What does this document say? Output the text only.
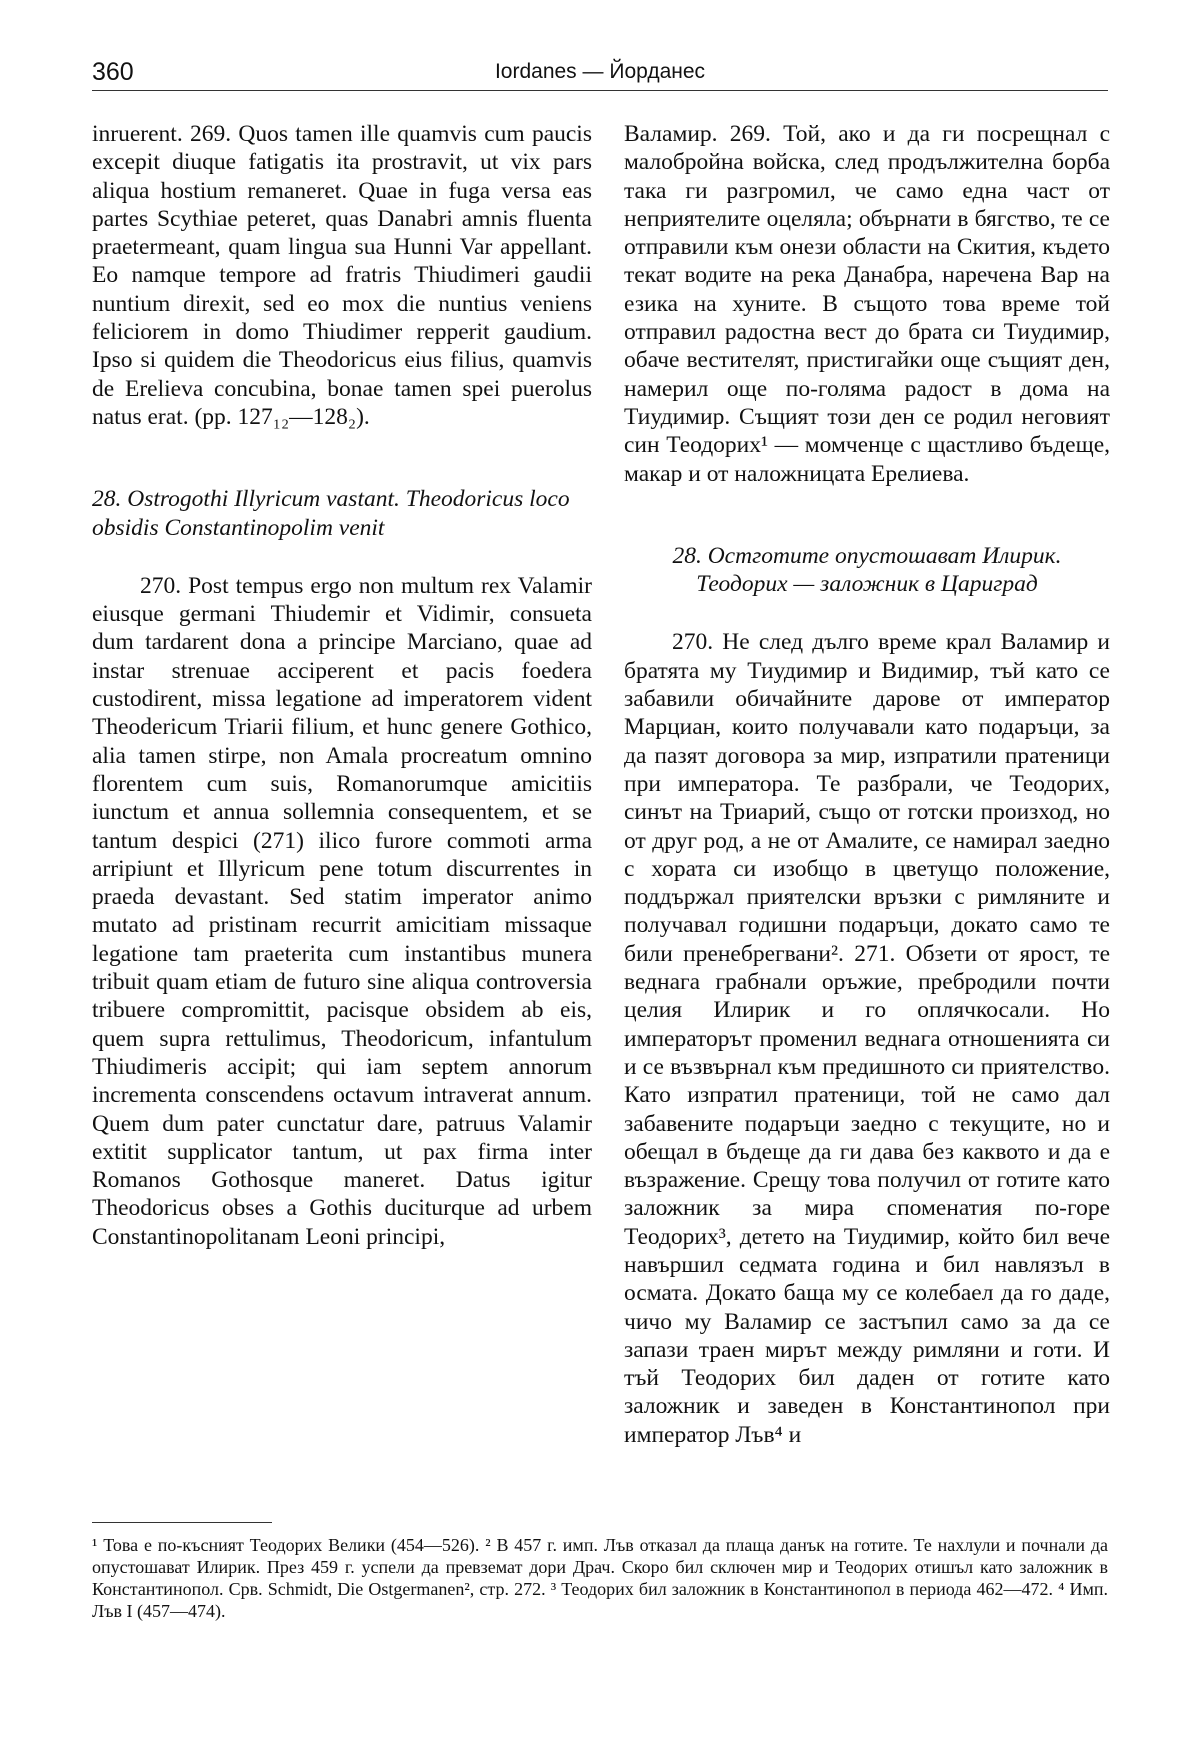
360	Iordanes — Йорданес

inruerent. 269. Quos tamen ille quamvis cum paucis excepit diuque fatigatis ita prostravit, ut vix pars aliqua hostium remaneret. Quae in fuga versa eas partes Scythiae peteret, quas Danabri amnis fluenta praetermeant, quam lingua sua Hunni Var appellant. Eo namque tempore ad fratris Thiudimeri gaudii nuntium direxit, sed eo mox die nuntius veniens feliciorem in domo Thiudimer repperit gaudium. Ipso si quidem die Theodoricus eius filius, quamvis de Erelieva concubina, bonae tamen spei puerolus natus erat. (pp. 127₁₂—128₂).

28. Ostrogothi Illyricum vastant. Theodoricus loco obsidis Constantinopolim venit

270. Post tempus ergo non multum rex Valamir eiusque germani Thiudemir et Vidimir, consueta dum tardarent dona a principe Marciano, quae ad instar strenuae acciperent et pacis foedera custodirent, missa legatione ad imperatorem vident Theodericum Triarii filium, et hunc genere Gothico, alia tamen stirpe, non Amala procreatum omnino florentem cum suis, Romanorumque amicitiis iunctum et annua sollemnia consequentem, et se tantum despici (271) ilico furore commoti arma arripiunt et Illyricum pene totum discurrentes in praeda devastant. Sed statim imperator animo mutato ad pristinam recurrit amicitiam missaque legatione tam praeterita cum instantibus munera tribuit quam etiam de futuro sine aliqua controversia tribuere compromittit, pacisque obsidem ab eis, quem supra rettulimus, Theodoricum, infantulum Thiudimeris accipit; qui iam septem annorum incrementa conscendens octavum intraverat annum. Quem dum pater cunctatur dare, patruus Valamir extitit supplicator tantum, ut pax firma inter Romanos Gothosque maneret. Datus igitur Theodoricus obses a Gothis duciturque ad urbem Constantinopolitanam Leoni principi,

Валамир. 269. Той, ако и да ги посрещнал с малобройна войска, след продължителна борба така ги разгромил, че само една част от неприятелите оцеляла; обърнати в бягство, те се отправили към онези области на Скития, където текат водите на река Данабра, наречена Вар на езика на хуните. В същото това време той отправил радостна вест до брата си Тиудимир, обаче вестителят, пристигайки още същият ден, намерил още по-голяма радост в дома на Тиудимир. Същият този ден се родил неговият син Теодорих¹ — момченце с щастливо бъдеще, макар и от наложницата Ерелиева.

28. Остготите опустошават Илирик. Теодорих — заложник в Цариград

270. Не след дълго време крал Валамир и братята му Тиудимир и Видимир, тъй като се забавили обичайните дарове от император Марциан, които получавали като подаръци, за да пазят договора за мир, изпратили пратеници при императора. Те разбрали, че Теодорих, синът на Триарий, също от готски произход, но от друг род, а не от Амалите, се намирал заедно с хората си изобщо в цветущо положение, поддържал приятелски връзки с римляните и получавал годишни подаръци, докато само те били пренебрегвани². 271. Обзети от ярост, те веднага грабнали оръжие, пребродили почти целия Илирик и го оплячкосали. Но императорът променил веднага отношенията си и се възвърнал към предишното си приятелство. Като изпратил пратеници, той не само дал забавените подаръци заедно с текущите, но и обещал в бъдеще да ги дава без каквото и да е възражение. Срещу това получил от готите като заложник за мира споменатия по-горе Теодорих³, детето на Тиудимир, който бил вече навършил седмата година и бил навлязъл в осмата. Докато баща му се колебаел да го даде, чичо му Валамир се застъпил само за да се запази траен мирът между римляни и готи. И тъй Теодорих бил даден от готите като заложник и заведен в Константинопол при император Лъв⁴ и

¹ Това е по-късният Теодорих Велики (454—526). ² В 457 г. имп. Лъв отказал да плаща данък на готите. Те нахлули и почнали да опустошават Илирик. През 459 г. успели да превземат дори Драч. Скоро бил сключен мир и Теодорих отишъл като заложник в Константинопол. Срв. Schmidt, Die Ostgermanen², стр. 272. ³ Теодорих бил заложник в Константинопол в периода 462—472. ⁴ Имп. Лъв I (457—474).
